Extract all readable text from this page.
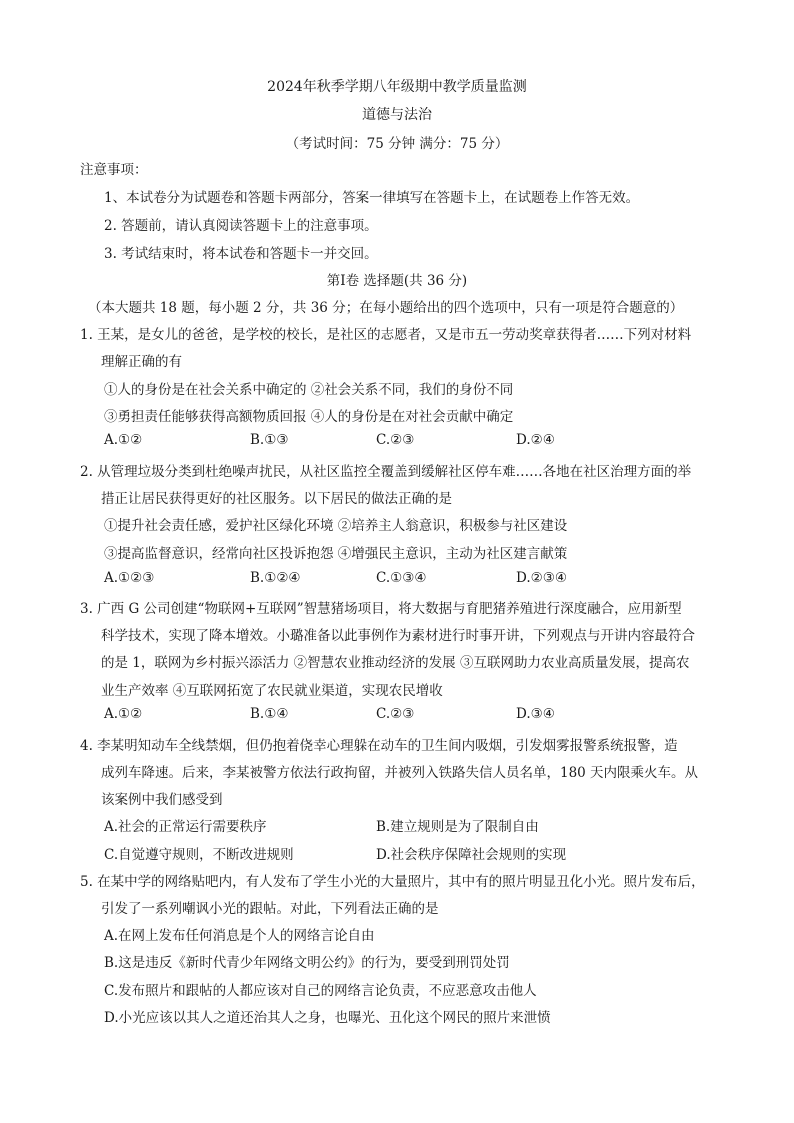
2024年秋季学期八年级期中教学质量监测
道德与法治
（考试时间：75 分钟 满分：75 分）
注意事项：
1、本试卷分为试题卷和答题卡两部分，答案一律填写在答题卡上，在试题卷上作答无效。
2. 答题前，请认真阅读答题卡上的注意事项。
3. 考试结束时，将本试卷和答题卡一并交回。
第Ⅰ卷 选择题(共 36 分)
（本大题共 18 题，每小题 2 分，共 36 分；在每小题给出的四个选项中，只有一项是符合题意的）
1. 王某，是女儿的爸爸，是学校的校长，是社区的志愿者，又是市五一劳动奖章获得者……下列对材料
理解正确的有
①人的身份是在社会关系中确定的 ②社会关系不同，我们的身份不同
③勇担责任能够获得高额物质回报 ④人的身份是在对社会贡献中确定
A.①②	B.①③	C.②③	D.②④
2. 从管理垃圾分类到杜绝噪声扰民，从社区监控全覆盖到缓解社区停车难……各地在社区治理方面的举
措正让居民获得更好的社区服务。以下居民的做法正确的是
①提升社会责任感，爱护社区绿化环境 ②培养主人翁意识，积极参与社区建设
③提高监督意识，经常向社区投诉抱怨 ④增强民主意识，主动为社区建言献策
A.①②③	B.①②④	C.①③④	D.②③④
3. 广西 G 公司创建“物联网+互联网”智慧猪场项目，将大数据与育肥猪养殖进行深度融合，应用新型
科学技术，实现了降本增效。小璐准备以此事例作为素材进行时事开讲，下列观点与开讲内容最符合
的是 1，联网为乡村振兴添活力 ②智慧农业推动经济的发展 ③互联网助力农业高质量发展，提高农
业生产效率 ④互联网拓宽了农民就业渠道，实现农民增收
A.①②	B.①④	C.②③	D.③④
4. 李某明知动车全线禁烟，但仍抱着侥幸心理躲在动车的卫生间内吸烟，引发烟雾报警系统报警，造
成列车降速。后来，李某被警方依法行政拘留，并被列入铁路失信人员名单，180 天内限乘火车。从
该案例中我们感受到
A.社会的正常运行需要秩序	B.建立规则是为了限制自由
C.自觉遵守规则，不断改进规则	D.社会秩序保障社会规则的实现
5. 在某中学的网络贴吧内，有人发布了学生小光的大量照片，其中有的照片明显丑化小光。照片发布后，
引发了一系列嘲讽小光的跟帖。对此，下列看法正确的是
A.在网上发布任何消息是个人的网络言论自由
B.这是违反《新时代青少年网络文明公约》的行为，要受到刑罚处罚
C.发布照片和跟帖的人都应该对自己的网络言论负责，不应恶意攻击他人
D.小光应该以其人之道还治其人之身，也曝光、丑化这个网民的照片来泄愤
